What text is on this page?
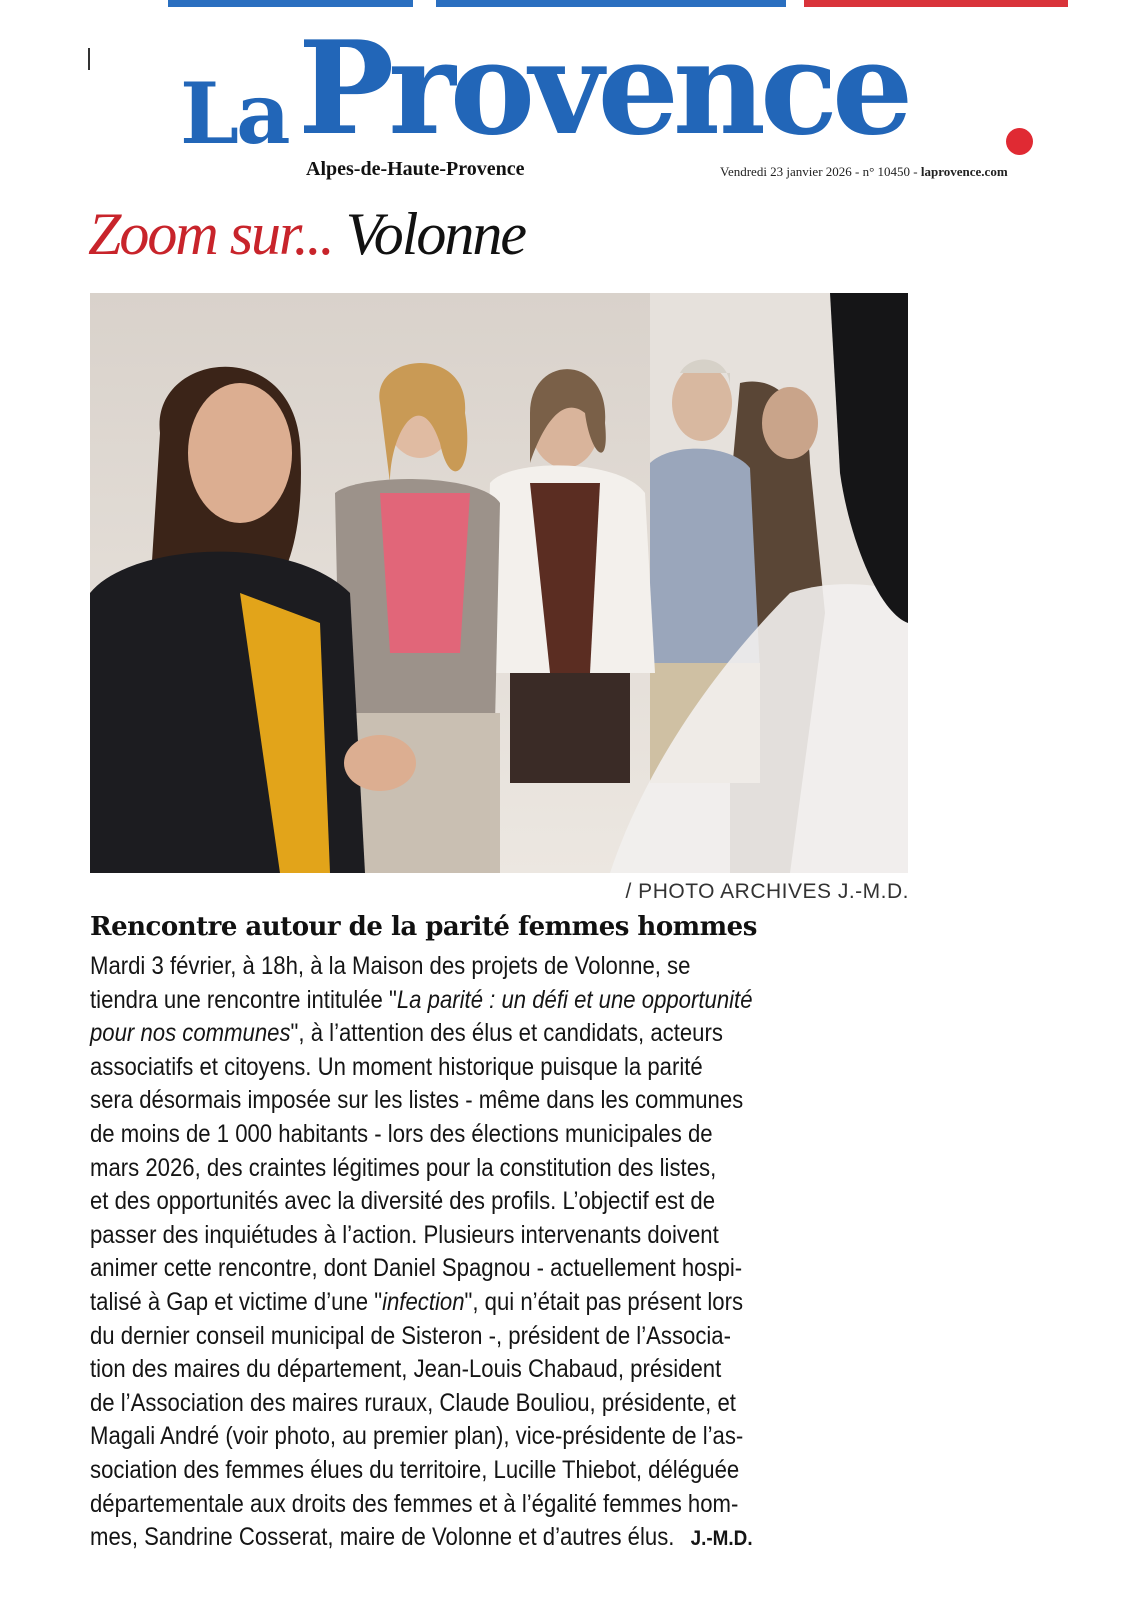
La Provence
Alpes-de-Haute-Provence	Vendredi 23 janvier 2026 - n° 10450 - laprovence.com
Zoom sur... Volonne
/ PHOTO ARCHIVES J.-M.D.
Rencontre autour de la parité femmes hommes
Mardi 3 février, à 18h, à la Maison des projets de Volonne, se
tiendra une rencontre intitulée "La parité : un défi et une opportunité
pour nos communes", à l’attention des élus et candidats, acteurs
associatifs et citoyens. Un moment historique puisque la parité
sera désormais imposée sur les listes - même dans les communes
de moins de 1 000 habitants - lors des élections municipales de
mars 2026, des craintes légitimes pour la constitution des listes,
et des opportunités avec la diversité des profils. L’objectif est de
passer des inquiétudes à l’action. Plusieurs intervenants doivent
animer cette rencontre, dont Daniel Spagnou - actuellement hospi-
talisé à Gap et victime d’une "infection", qui n’était pas présent lors
du dernier conseil municipal de Sisteron -, président de l’Associa-
tion des maires du département, Jean-Louis Chabaud, président
de l’Association des maires ruraux, Claude Bouliou, présidente, et
Magali André (voir photo, au premier plan), vice-présidente de l’as-
sociation des femmes élues du territoire, Lucille Thiebot, déléguée
départementale aux droits des femmes et à l’égalité femmes hom-
mes, Sandrine Cosserat, maire de Volonne et d’autres élus. J.-M.D.
